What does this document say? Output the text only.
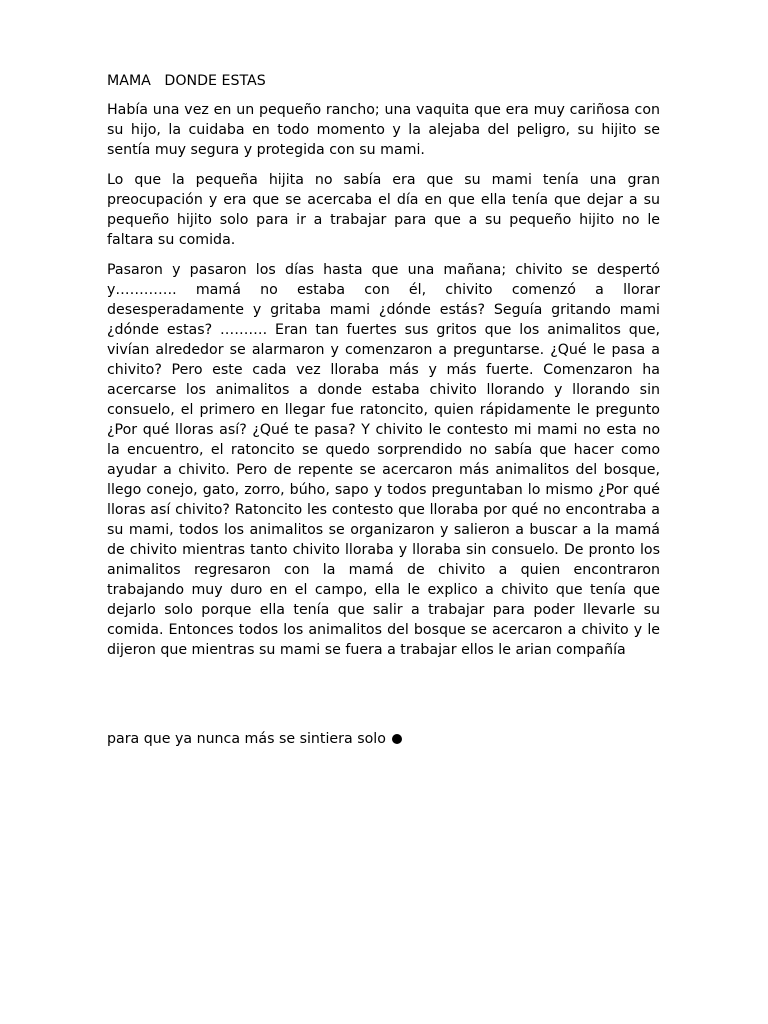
MAMA   DONDE ESTAS

Había una vez en un pequeño rancho; una vaquita que era muy cariñosa con su hijo, la cuidaba en todo momento y la alejaba del peligro, su hijito se sentía muy segura y protegida con su mami.

Lo que la pequeña hijita no sabía era que su mami tenía una gran preocupación y era que se acercaba el día en que ella tenía que dejar a su pequeño hijito solo para ir a trabajar para que a su pequeño hijito no le faltara su comida.

Pasaron y pasaron los días hasta que una mañana; chivito se despertó y…………. mamá no estaba con él, chivito comenzó a llorar desesperadamente y gritaba mami ¿dónde estás? Seguía gritando mami ¿dónde estas? ………. Eran tan fuertes sus gritos que los animalitos que, vivían alrededor se alarmaron y comenzaron a preguntarse. ¿Qué le pasa a chivito? Pero este cada vez lloraba más y más fuerte. Comenzaron ha acercarse los animalitos a donde estaba chivito llorando y llorando sin consuelo, el primero en llegar fue ratoncito, quien rápidamente le pregunto ¿Por qué lloras así? ¿Qué te pasa? Y chivito le contesto mi mami no esta no la encuentro, el ratoncito se quedo sorprendido no sabía que hacer como ayudar a chivito. Pero de repente se acercaron más animalitos del bosque, llego conejo, gato, zorro, búho, sapo y todos preguntaban lo mismo ¿Por qué lloras así chivito? Ratoncito les contesto que lloraba por qué no encontraba a su mami, todos los animalitos se organizaron y salieron a buscar a la mamá de chivito mientras tanto chivito lloraba y lloraba sin consuelo. De pronto los animalitos regresaron con la mamá de chivito a quien encontraron trabajando muy duro en el campo, ella le explico a chivito que tenía que dejarlo solo porque ella tenía que salir a trabajar para poder llevarle su comida. Entonces todos los animalitos del bosque se acercaron a chivito y le dijeron que mientras su mami se fuera a trabajar ellos le arian compañía

para que ya nunca más se sintiera solo
